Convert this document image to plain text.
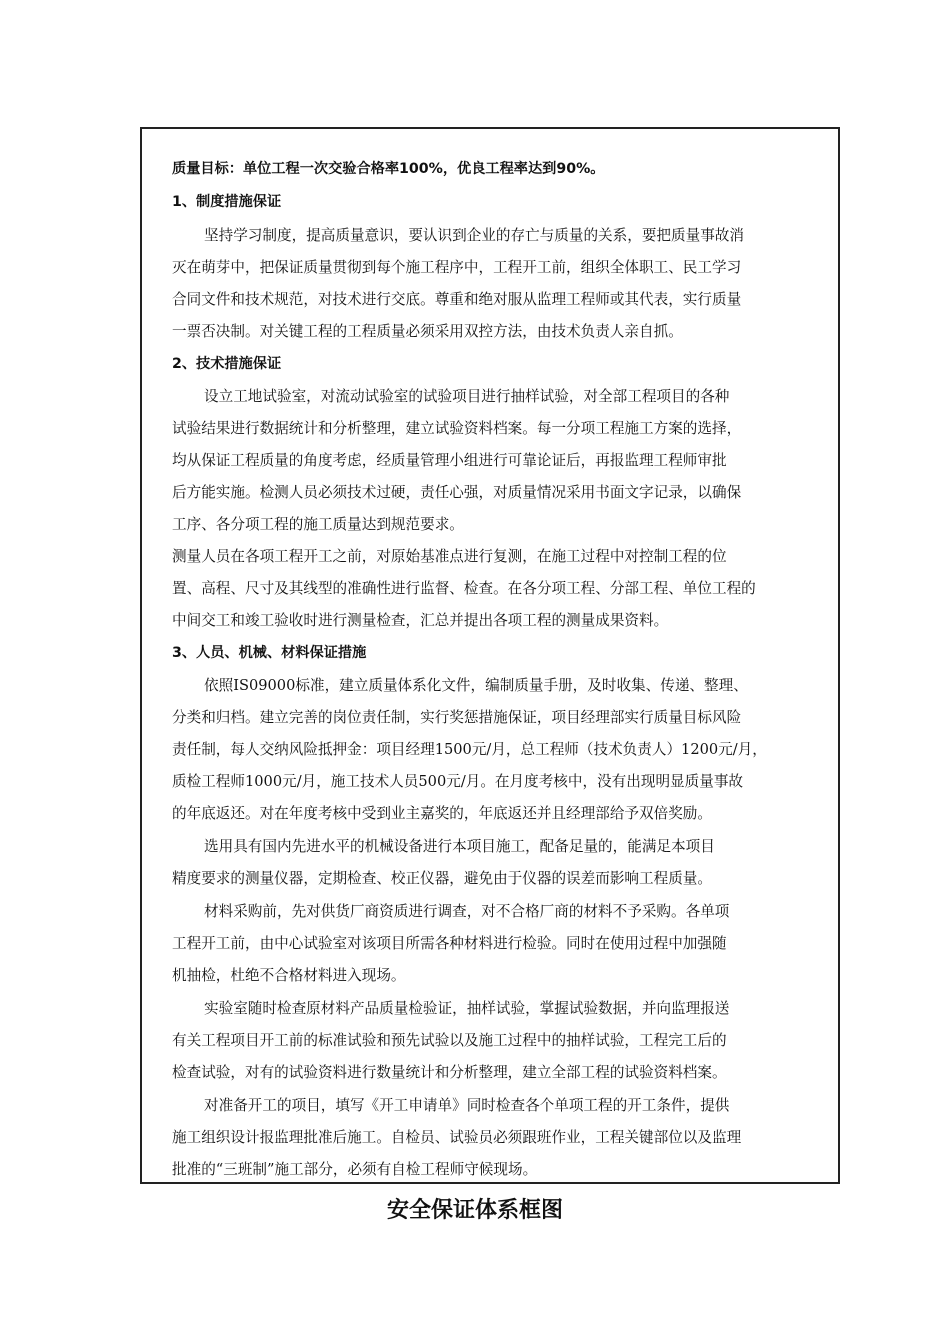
质量目标：单位工程一次交验合格率100%，优良工程率达到90%。
1、制度措施保证
坚持学习制度，提高质量意识，要认识到企业的存亡与质量的关系，要把质量事故消
灭在萌芽中，把保证质量贯彻到每个施工程序中，工程开工前，组织全体职工、民工学习
合同文件和技术规范，对技术进行交底。尊重和绝对服从监理工程师或其代表，实行质量
一票否决制。对关键工程的工程质量必须采用双控方法，由技术负责人亲自抓。
2、技术措施保证
设立工地试验室，对流动试验室的试验项目进行抽样试验，对全部工程项目的各种
试验结果进行数据统计和分析整理，建立试验资料档案。每一分项工程施工方案的选择，
均从保证工程质量的角度考虑，经质量管理小组进行可靠论证后，再报监理工程师审批
后方能实施。检测人员必须技术过硬，责任心强，对质量情况采用书面文字记录，以确保
工序、各分项工程的施工质量达到规范要求。
测量人员在各项工程开工之前，对原始基准点进行复测，在施工过程中对控制工程的位
置、高程、尺寸及其线型的准确性进行监督、检查。在各分项工程、分部工程、单位工程的
中间交工和竣工验收时进行测量检查，汇总并提出各项工程的测量成果资料。
3、人员、机械、材料保证措施
依照IS09000标准，建立质量体系化文件，编制质量手册，及时收集、传递、整理、
分类和归档。建立完善的岗位责任制，实行奖惩措施保证，项目经理部实行质量目标风险
责任制，每人交纳风险抵押金：项目经理1500元/月，总工程师（技术负责人）1200元/月，
质检工程师1000元/月，施工技术人员500元/月。在月度考核中，没有出现明显质量事故
的年底返还。对在年度考核中受到业主嘉奖的，年底返还并且经理部给予双倍奖励。
选用具有国内先进水平的机械设备进行本项目施工，配备足量的，能满足本项目
精度要求的测量仪器，定期检查、校正仪器，避免由于仪器的误差而影响工程质量。
材料采购前，先对供货厂商资质进行调查，对不合格厂商的材料不予采购。各单项
工程开工前，由中心试验室对该项目所需各种材料进行检验。同时在使用过程中加强随
机抽检，杜绝不合格材料进入现场。
实验室随时检查原材料产品质量检验证，抽样试验，掌握试验数据，并向监理报送
有关工程项目开工前的标准试验和预先试验以及施工过程中的抽样试验，工程完工后的
检查试验，对有的试验资料进行数量统计和分析整理，建立全部工程的试验资料档案。
对准备开工的项目，填写《开工申请单》同时检查各个单项工程的开工条件，提供
施工组织设计报监理批准后施工。自检员、试验员必须跟班作业，工程关键部位以及监理
批准的“三班制”施工部分，必须有自检工程师守候现场。
安全保证体系框图
